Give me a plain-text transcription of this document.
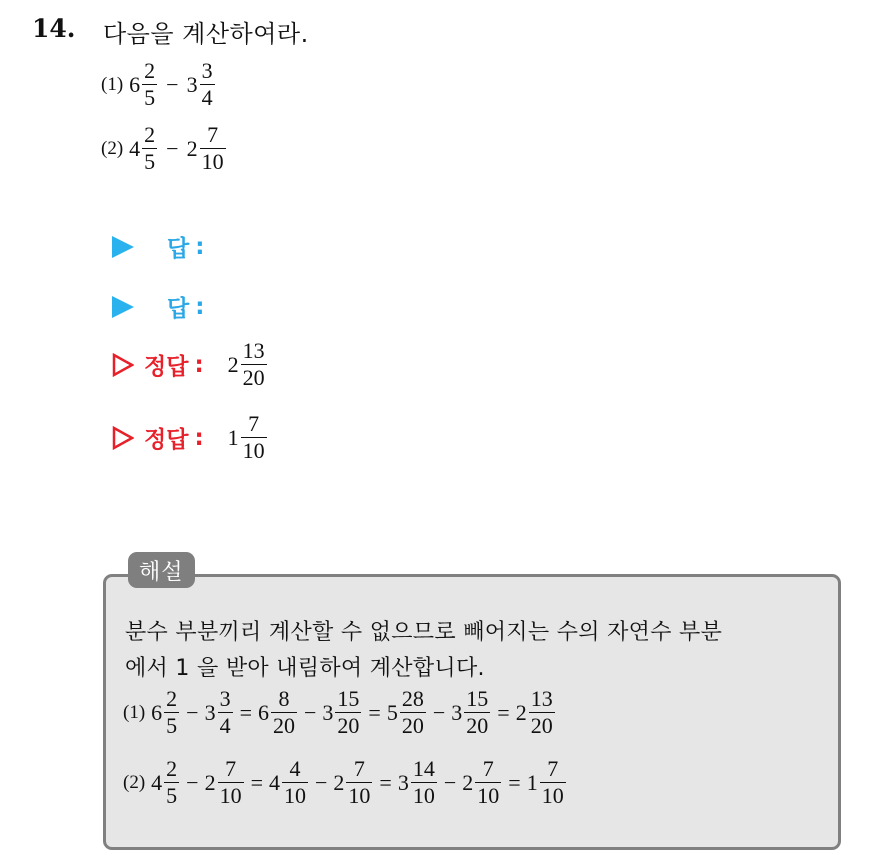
14. 다음을 계산하여라.
(1) $6 \frac{2}{5} - 3 \frac{3}{4}$
(2) $4 \frac{2}{5} - 2 \frac{7}{10}$
답 :
답 :
정답 : $2 \frac{13}{20}$
정답 : $1 \frac{7}{10}$
해설
분수 부분끼리 계산할 수 없으므로 빼어지는 수의 자연수 부분
에서 1 을 받아 내림하여 계산합니다.
(1) $6 \frac{2}{5} - 3 \frac{3}{4} = 6 \frac{8}{20} - 3 \frac{15}{20} = 5 \frac{28}{20} - 3 \frac{15}{20} = 2 \frac{13}{20}$
(2) $4 \frac{2}{5} - 2 \frac{7}{10} = 4 \frac{4}{10} - 2 \frac{7}{10} = 3 \frac{14}{10} - 2 \frac{7}{10} = 1 \frac{7}{10}$
